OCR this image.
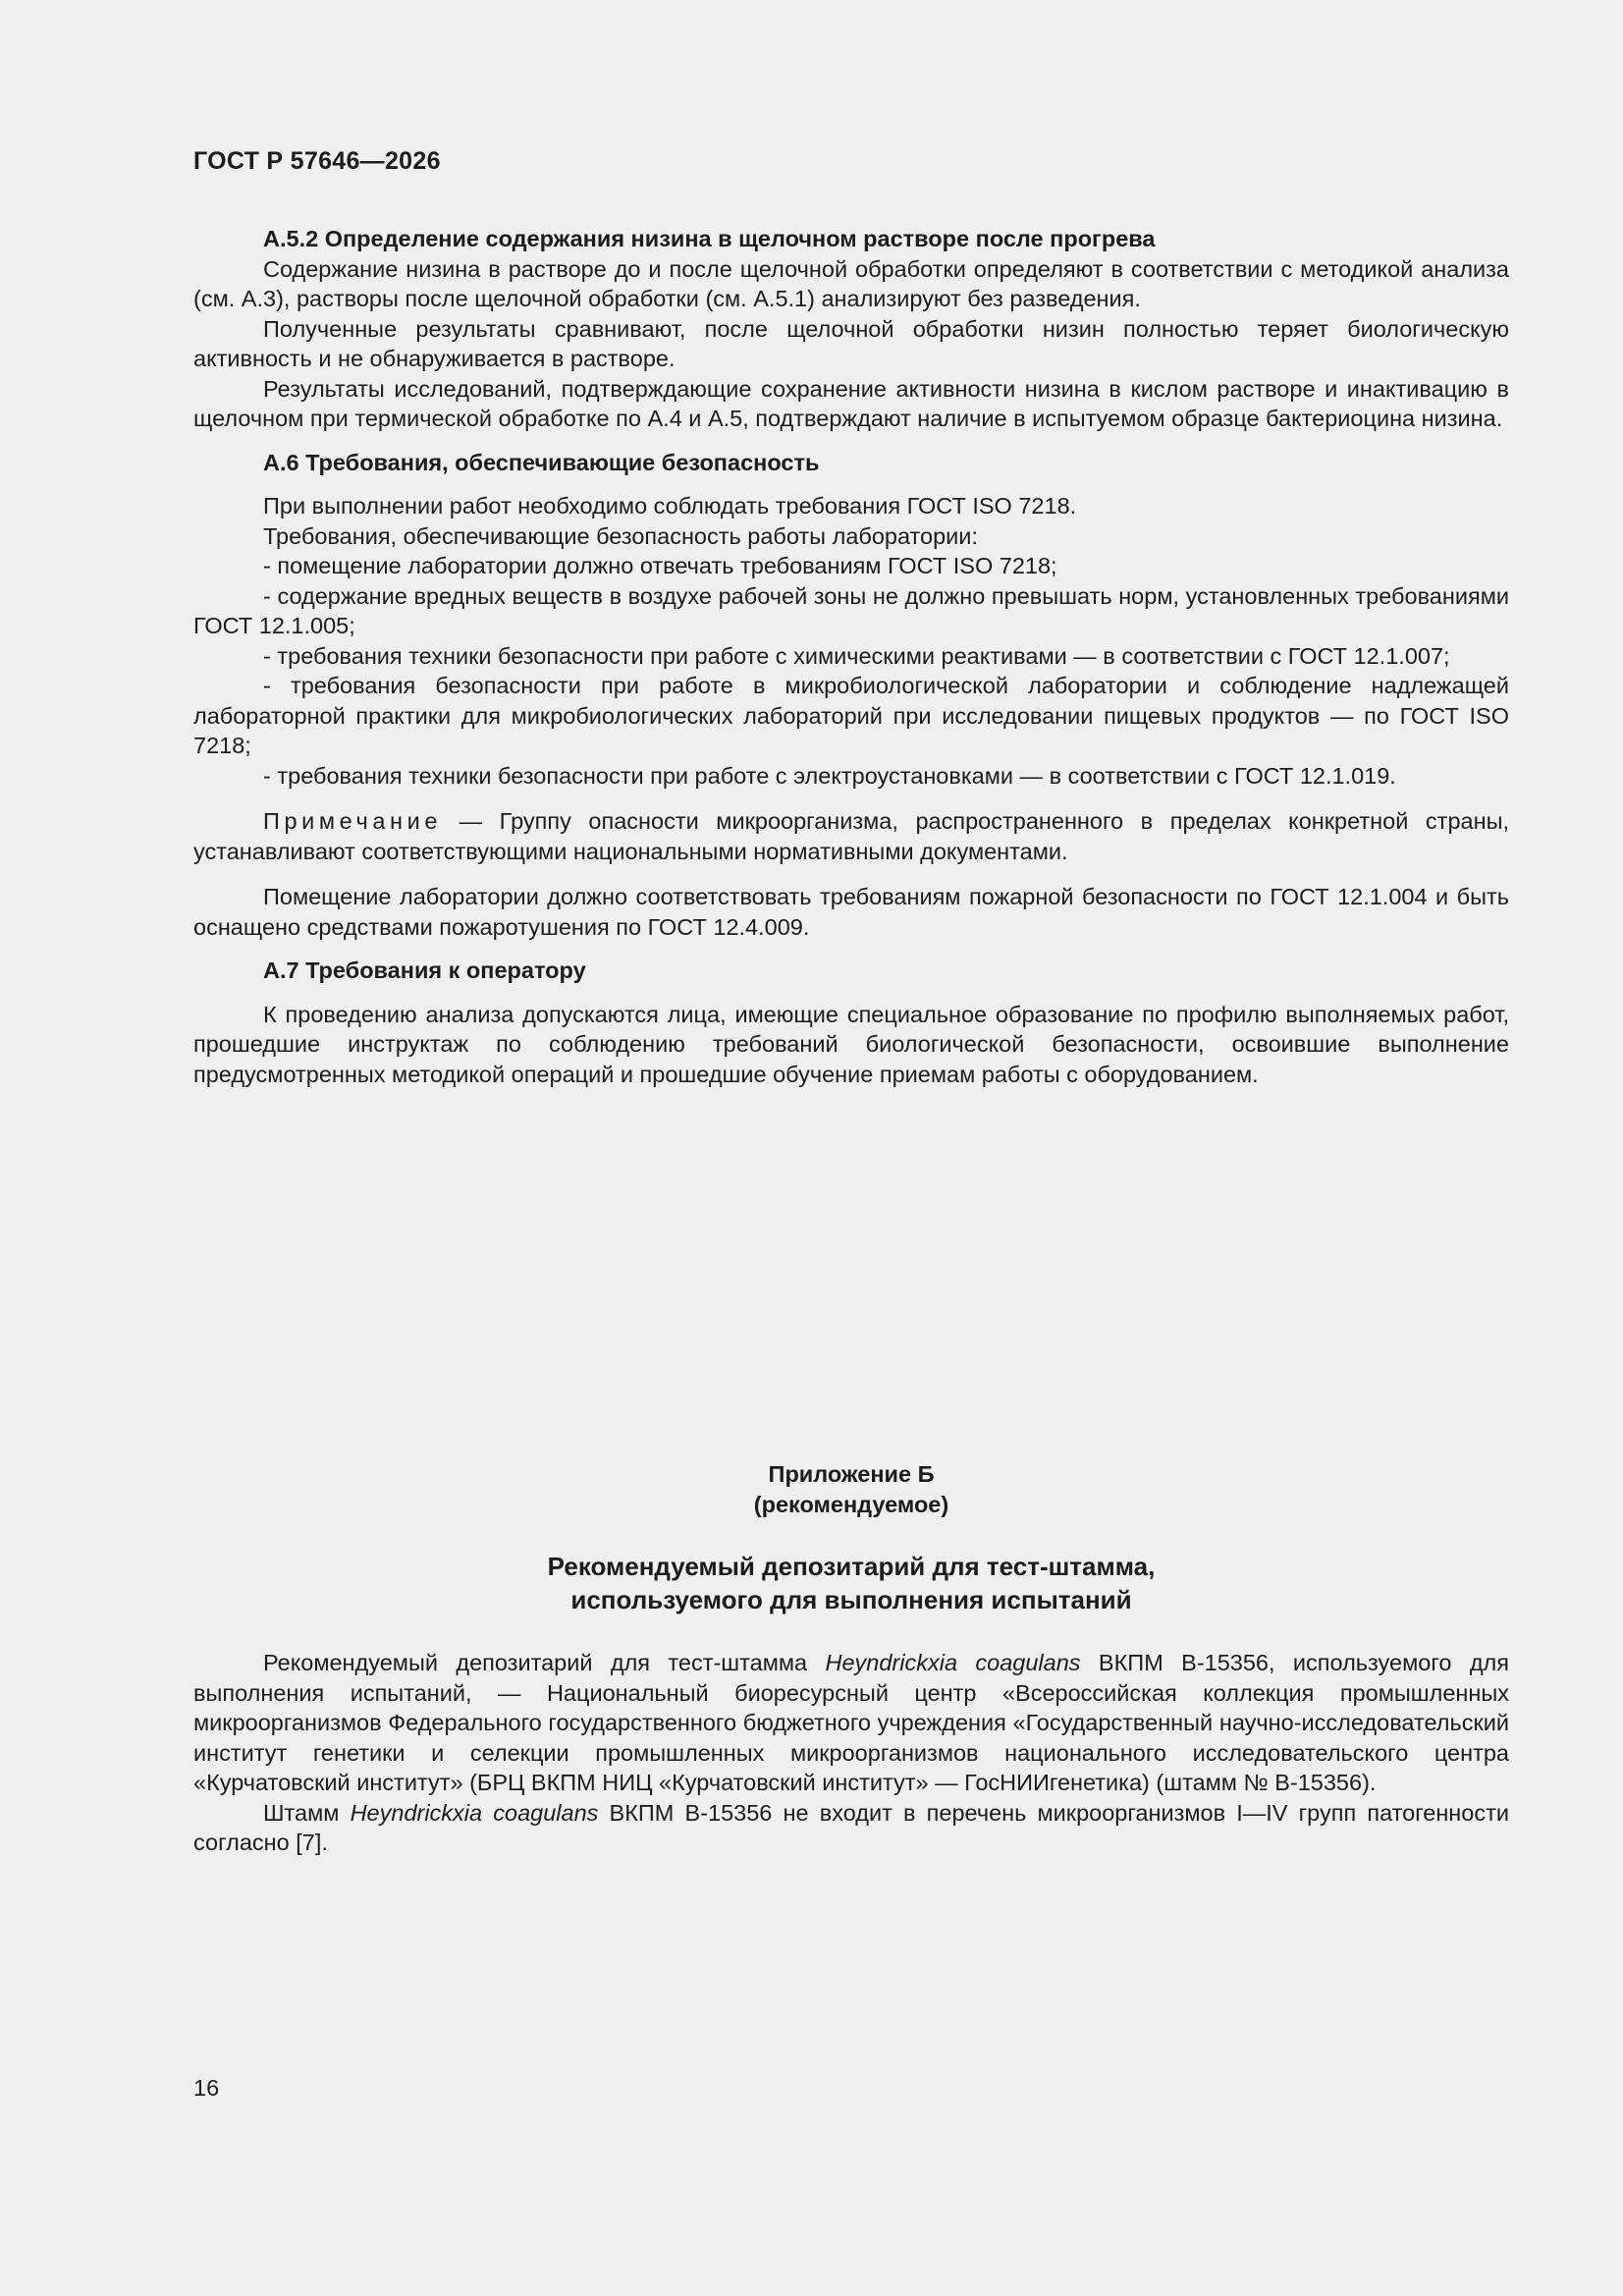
ГОСТ Р 57646—2026

А.5.2 Определение содержания низина в щелочном растворе после прогрева

Содержание низина в растворе до и после щелочной обработки определяют в соответствии с методикой анализа (см. А.3), растворы после щелочной обработки (см. А.5.1) анализируют без разведения.

Полученные результаты сравнивают, после щелочной обработки низин полностью теряет биологическую активность и не обнаруживается в растворе.

Результаты исследований, подтверждающие сохранение активности низина в кислом растворе и инактивацию в щелочном при термической обработке по А.4 и А.5, подтверждают наличие в испытуемом образце бактериоцина низина.

А.6 Требования, обеспечивающие безопасность

При выполнении работ необходимо соблюдать требования ГОСТ ISO 7218.

Требования, обеспечивающие безопасность работы лаборатории:

- помещение лаборатории должно отвечать требованиям ГОСТ ISO 7218;

- содержание вредных веществ в воздухе рабочей зоны не должно превышать норм, установленных требованиями ГОСТ 12.1.005;

- требования техники безопасности при работе с химическими реактивами — в соответствии с ГОСТ 12.1.007;

- требования безопасности при работе в микробиологической лаборатории и соблюдение надлежащей лабораторной практики для микробиологических лабораторий при исследовании пищевых продуктов — по ГОСТ ISO 7218;

- требования техники безопасности при работе с электроустановками — в соответствии с ГОСТ 12.1.019.

Примечание — Группу опасности микроорганизма, распространенного в пределах конкретной страны, устанавливают соответствующими национальными нормативными документами.

Помещение лаборатории должно соответствовать требованиям пожарной безопасности по ГОСТ 12.1.004 и быть оснащено средствами пожаротушения по ГОСТ 12.4.009.

А.7 Требования к оператору

К проведению анализа допускаются лица, имеющие специальное образование по профилю выполняемых работ, прошедшие инструктаж по соблюдению требований биологической безопасности, освоившие выполнение предусмотренных методикой операций и прошедшие обучение приемам работы с оборудованием.

Приложение Б
(рекомендуемое)
Рекомендуемый депозитарий для тест-штамма,
используемого для выполнения испытаний

Рекомендуемый депозитарий для тест-штамма Heyndrickxia coagulans ВКПМ В-15356, используемого для выполнения испытаний, — Национальный биоресурсный центр «Всероссийская коллекция промышленных микроорганизмов Федерального государственного бюджетного учреждения «Государственный научно-исследовательский институт генетики и селекции промышленных микроорганизмов национального исследовательского центра «Курчатовский институт» (БРЦ ВКПМ НИЦ «Курчатовский институт» — ГосНИИгенетика) (штамм № В-15356).

Штамм Heyndrickxia coagulans ВКПМ В-15356 не входит в перечень микроорганизмов I—IV групп патогенности согласно [7].

16
